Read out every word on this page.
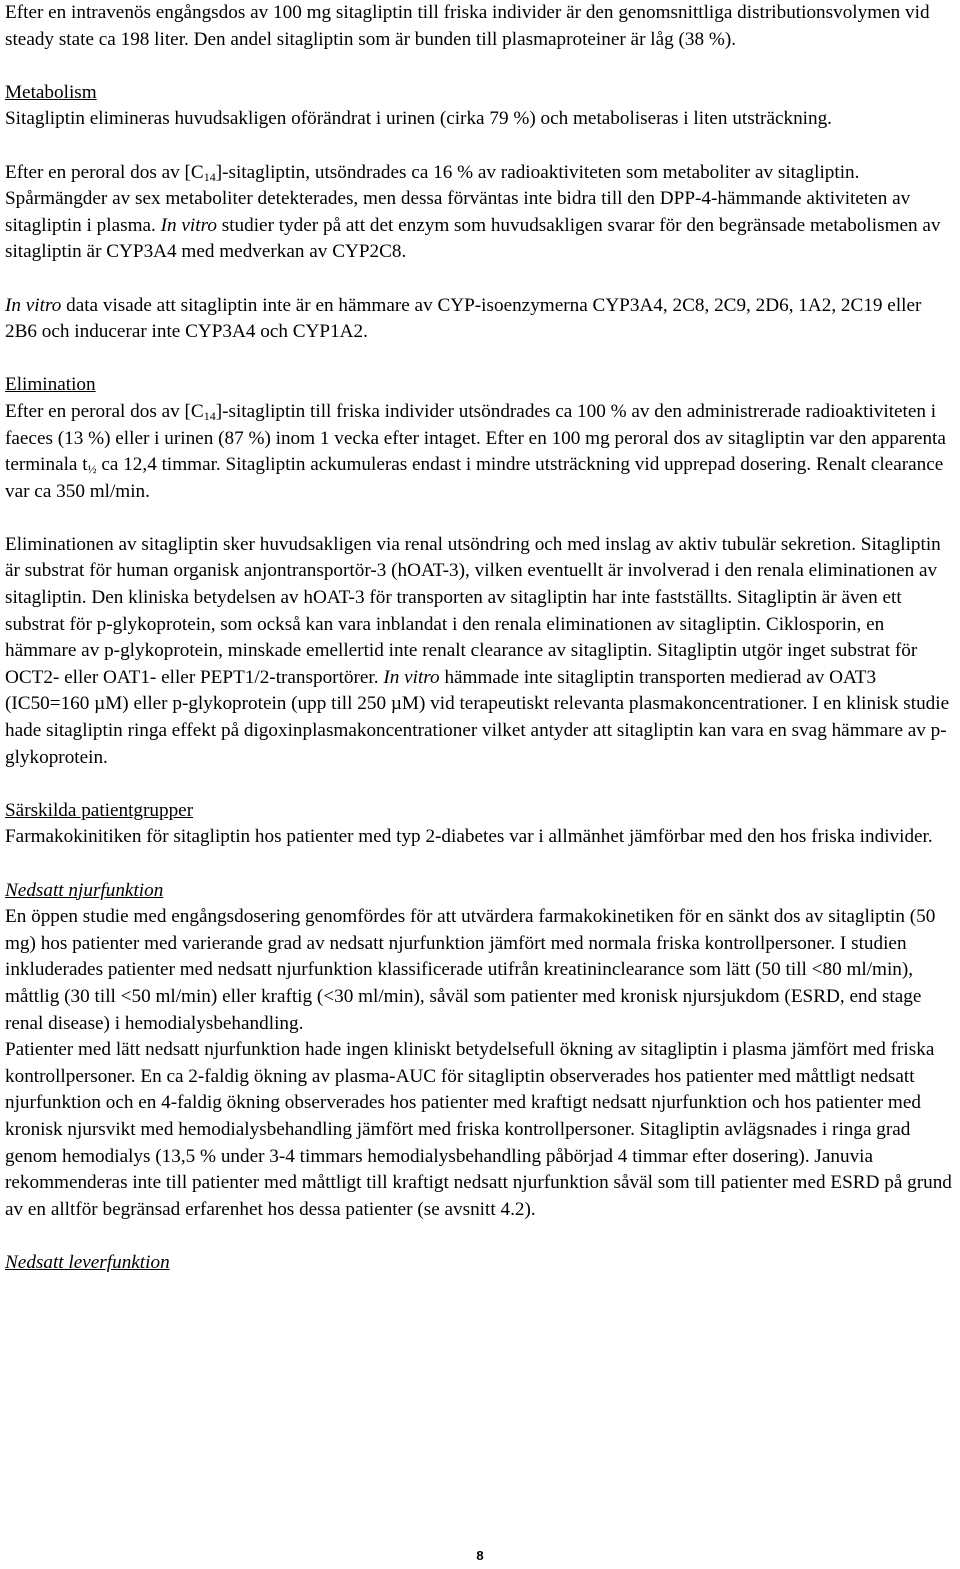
Efter en intravenös engångsdos av 100 mg sitagliptin till friska individer är den genomsnittliga distributionsvolymen vid steady state ca 198 liter. Den andel sitagliptin som är bunden till plasmaproteiner är låg (38 %).

Metabolism

Sitagliptin elimineras huvudsakligen oförändrat i urinen (cirka 79 %) och metaboliseras i liten utsträckning.

Efter en peroral dos av $[C_{14}]$-sitagliptin, utsöndrades ca 16 % av radioaktiviteten som metaboliter av sitagliptin. Spårmängder av sex metaboliter detekterades, men dessa förväntas inte bidra till den DPP-4-hämmande aktiviteten av sitagliptin i plasma. In vitro studier tyder på att det enzym som huvudsakligen svarar för den begränsade metabolismen av sitagliptin är CYP3A4 med medverkan av CYP2C8.

In vitro data visade att sitagliptin inte är en hämmare av CYP-isoenzymerna CYP3A4, 2C8, 2C9, 2D6, 1A2, 2C19 eller 2B6 och inducerar inte CYP3A4 och CYP1A2.

Elimination

Efter en peroral dos av $[C_{14}]$-sitagliptin till friska individer utsöndrades ca 100 % av den administrerade radioaktiviteten i faeces (13 %) eller i urinen (87 %) inom 1 vecka efter intaget. Efter en 100 mg peroral dos av sitagliptin var den apparenta terminala $t_{\frac{1}{2}}$ ca 12,4 timmar. Sitagliptin ackumuleras endast i mindre utsträckning vid upprepad dosering. Renalt clearance var ca 350 ml/min.

Eliminationen av sitagliptin sker huvudsakligen via renal utsöndring och med inslag av aktiv tubulär sekretion. Sitagliptin är substrat för human organisk anjontransportör-3 (hOAT-3), vilken eventuellt är involverad i den renala eliminationen av sitagliptin. Den kliniska betydelsen av hOAT-3 för transporten av sitagliptin har inte fastställts. Sitagliptin är även ett substrat för p-glykoprotein, som också kan vara inblandat i den renala eliminationen av sitagliptin. Ciklosporin, en hämmare av p-glykoprotein, minskade emellertid inte renalt clearance av sitagliptin. Sitagliptin utgör inget substrat för OCT2- eller OAT1- eller PEPT1/2-transportörer. In vitro hämmade inte sitagliptin transporten medierad av OAT3 (IC50=160 µM) eller p-glykoprotein (upp till 250 µM) vid terapeutiskt relevanta plasmakoncentrationer. I en klinisk studie hade sitagliptin ringa effekt på digoxinplasmakoncentrationer vilket antyder att sitagliptin kan vara en svag hämmare av p-glykoprotein.

Särskilda patientgrupper

Farmakokinitiken för sitagliptin hos patienter med typ 2-diabetes var i allmänhet jämförbar med den hos friska individer.

Nedsatt njurfunktion

En öppen studie med engångsdosering genomfördes för att utvärdera farmakokinetiken för en sänkt dos av sitagliptin (50 mg) hos patienter med varierande grad av nedsatt njurfunktion jämfört med normala friska kontrollpersoner. I studien inkluderades patienter med nedsatt njurfunktion klassificerade utifrån kreatininclearance som lätt (50 till <80 ml/min), måttlig (30 till <50 ml/min) eller kraftig (<30 ml/min), såväl som patienter med kronisk njursjukdom (ESRD, end stage renal disease) i hemodialysbehandling.

Patienter med lätt nedsatt njurfunktion hade ingen kliniskt betydelsefull ökning av sitagliptin i plasma jämfört med friska kontrollpersoner. En ca 2-faldig ökning av plasma-AUC för sitagliptin observerades hos patienter med måttligt nedsatt njurfunktion och en 4-faldig ökning observerades hos patienter med kraftigt nedsatt njurfunktion och hos patienter med kronisk njursvikt med hemodialysbehandling jämfört med friska kontrollpersoner. Sitagliptin avlägsnades i ringa grad genom hemodialys (13,5 % under 3-4 timmars hemodialysbehandling påbörjad 4 timmar efter dosering). Januvia rekommenderas inte till patienter med måttligt till kraftigt nedsatt njurfunktion såväl som till patienter med ESRD på grund av en alltför begränsad erfarenhet hos dessa patienter (se avsnitt 4.2).

Nedsatt leverfunktion

8
